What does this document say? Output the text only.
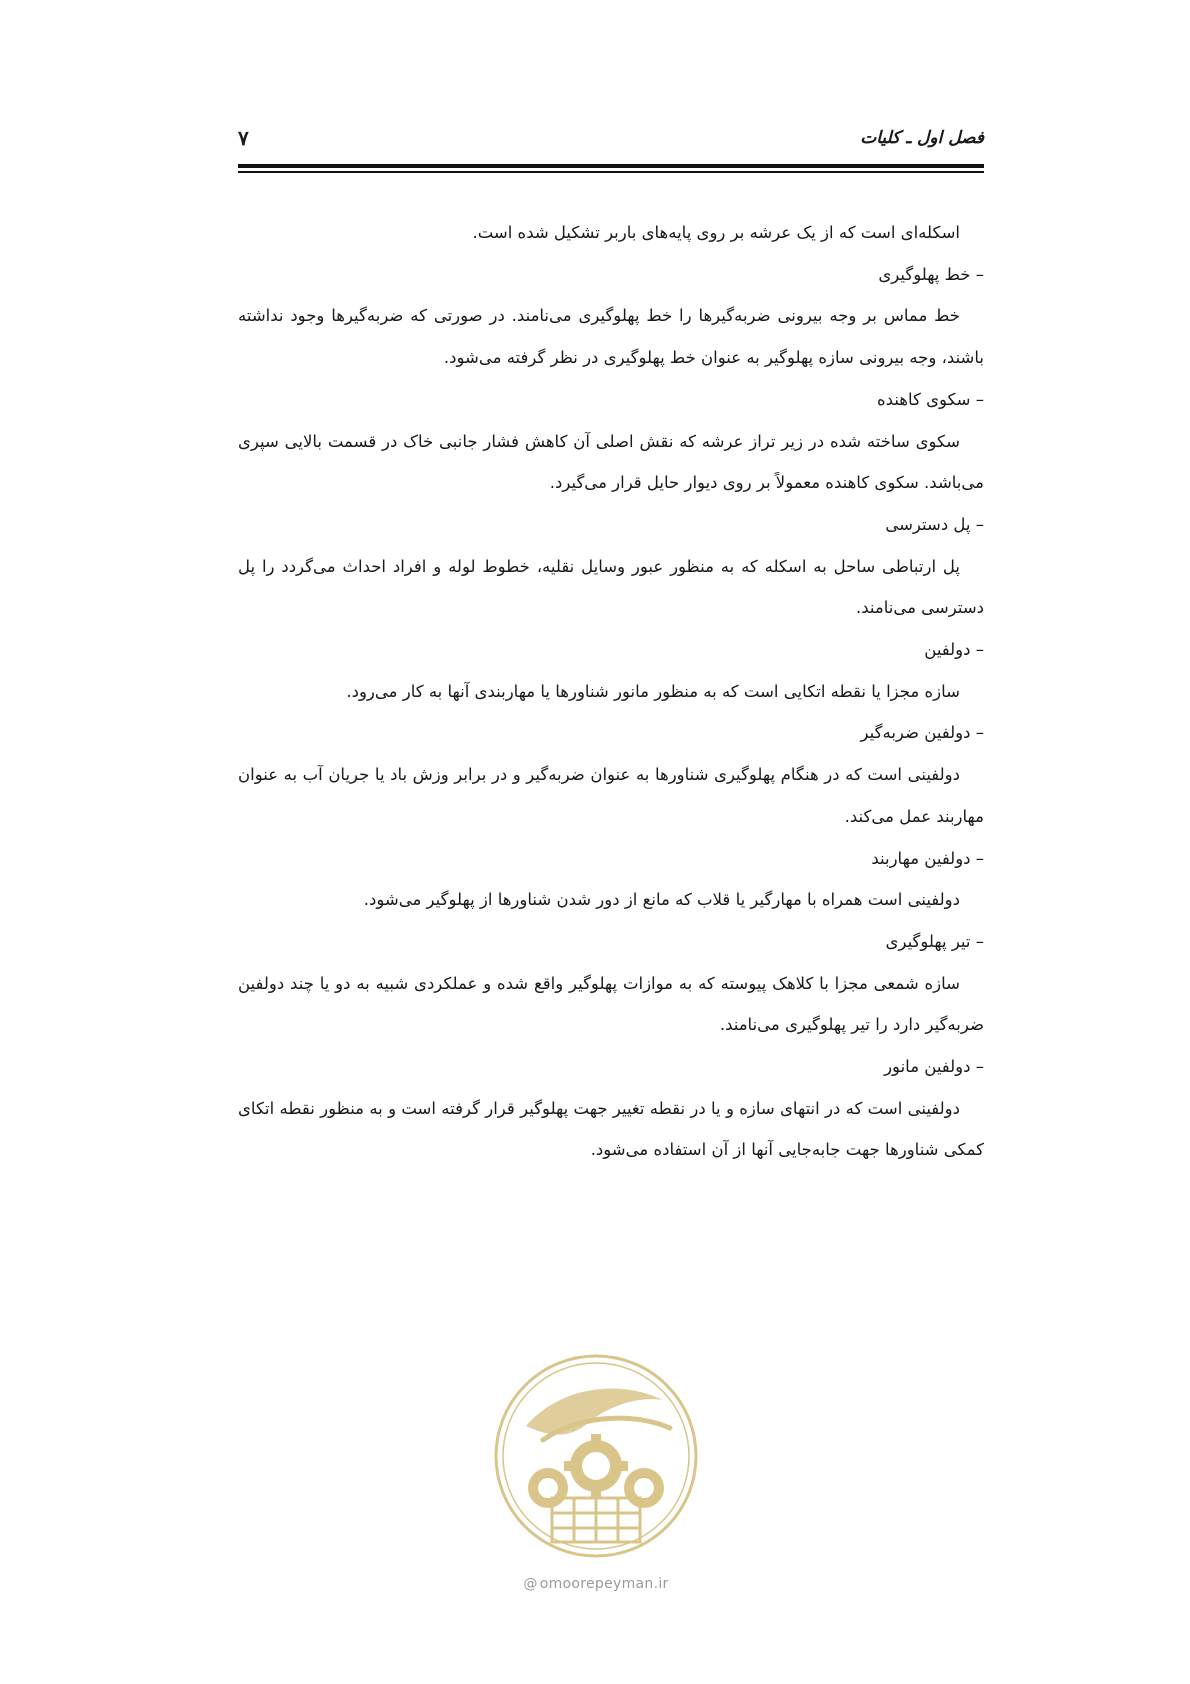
فصل اول ـ کلیات
۷

اسکله‌ای است که از یک عرشه بر روی پایه‌های باربر تشکیل شده است.

– خط پهلوگیری

خط مماس بر وجه بیرونی ضربه‌گیرها را خط پهلوگیری می‌نامند. در صورتی که ضربه‌گیرها وجود نداشته باشند، وجه بیرونی سازه پهلوگیر به عنوان خط پهلوگیری در نظر گرفته می‌شود.

– سکوی کاهنده

سکوی ساخته شده در زیر تراز عرشه که نقش اصلی آن کاهش فشار جانبی خاک در قسمت بالایی سپری می‌باشد. سکوی کاهنده معمولاً بر روی دیوار حایل قرار می‌گیرد.

– پل دسترسی

پل ارتباطی ساحل به اسکله که به منظور عبور وسایل نقلیه، خطوط لوله و افراد احداث می‌گردد را پل دسترسی می‌نامند.

– دولفین

سازه مجزا یا نقطه اتکایی است که به منظور مانور شناورها یا مهاربندی آنها به کار می‌رود.

– دولفین ضربه‌گیر

دولفینی است که در هنگام پهلوگیری شناورها به عنوان ضربه‌گیر و در برابر وزش باد یا جریان آب به عنوان مهاربند عمل می‌کند.

– دولفین مهاربند

دولفینی است همراه با مهارگیر یا قلاب که مانع از دور شدن شناورها از پهلوگیر می‌شود.

– تیر پهلوگیری

سازه شمعی مجزا با کلاهک پیوسته که به موازات پهلوگیر واقع شده و عملکردی شبیه به دو یا چند دولفین ضربه‌گیر دارد را تیر پهلوگیری می‌نامند.

– دولفین مانور

دولفینی است که در انتهای سازه و یا در نقطه تغییر جهت پهلوگیر قرار گرفته است و به منظور نقطه اتکای کمکی شناورها جهت جابه‌جایی آنها از آن استفاده می‌شود.

@ omoorepeyman.ir
